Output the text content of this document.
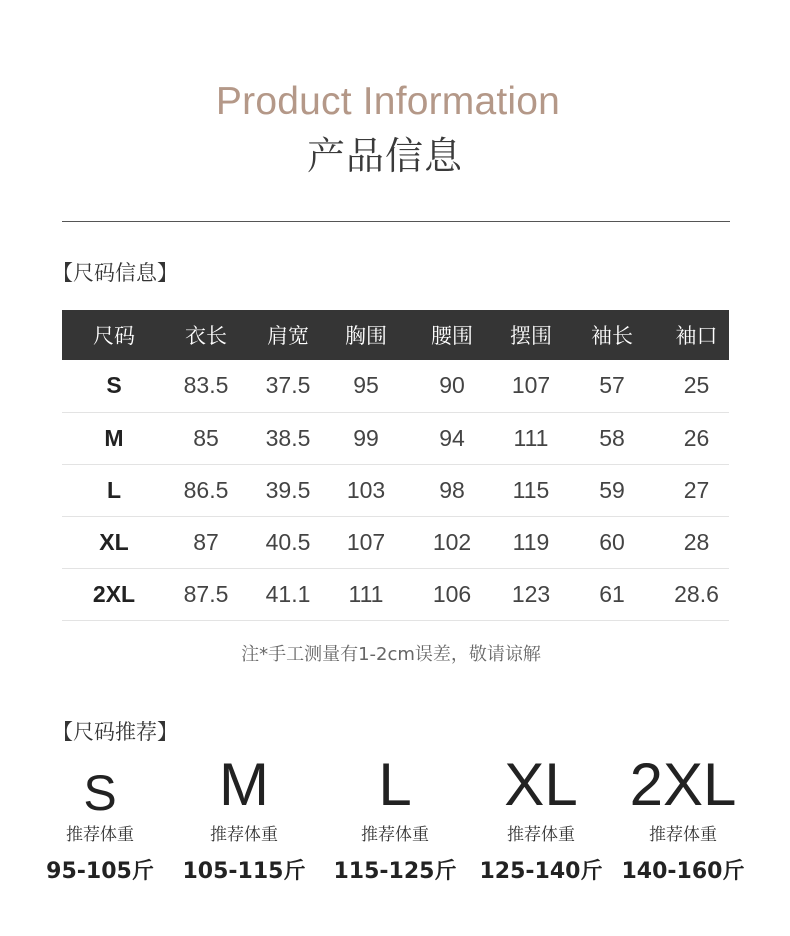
Product Information
产品信息
【尺码信息】
尺码	衣长	肩宽	胸围	腰围	摆围	袖长	袖口
S	83.5	37.5	95	90	107	57	25
M	85	38.5	99	94	111	58	26
L	86.5	39.5	103	98	115	59	27
XL	87	40.5	107	102	119	60	28
2XL	87.5	41.1	111	106	123	61	28.6
注*手工测量有1-2cm误差，敬请谅解
【尺码推荐】
S
推荐体重
95-105斤
M
推荐体重
105-115斤
L
推荐体重
115-125斤
XL
推荐体重
125-140斤
2XL
推荐体重
140-160斤
